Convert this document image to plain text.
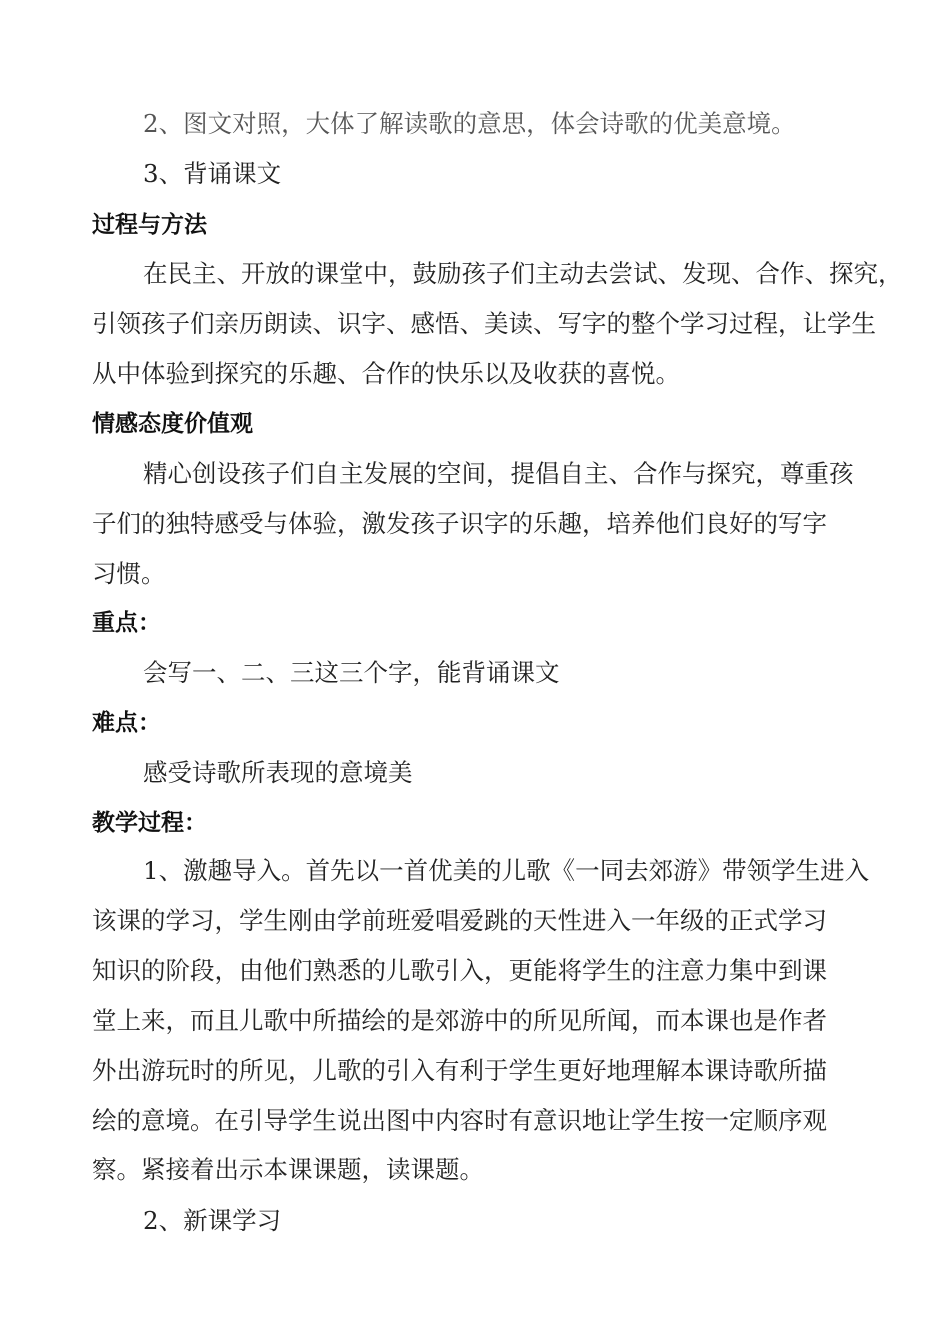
2、图文对照，大体了解读歌的意思，体会诗歌的优美意境。
3、背诵课文
过程与方法
在民主、开放的课堂中，鼓励孩子们主动去尝试、发现、合作、探究，
引领孩子们亲历朗读、识字、感悟、美读、写字的整个学习过程，让学生
从中体验到探究的乐趣、合作的快乐以及收获的喜悦。
情感态度价值观
精心创设孩子们自主发展的空间，提倡自主、合作与探究，尊重孩
子们的独特感受与体验，激发孩子识字的乐趣，培养他们良好的写字
习惯。
重点：
会写一、二、三这三个字，能背诵课文
难点：
感受诗歌所表现的意境美
教学过程：
1、激趣导入。首先以一首优美的儿歌《一同去郊游》带领学生进入
该课的学习，学生刚由学前班爱唱爱跳的天性进入一年级的正式学习
知识的阶段，由他们熟悉的儿歌引入，更能将学生的注意力集中到课
堂上来，而且儿歌中所描绘的是郊游中的所见所闻，而本课也是作者
外出游玩时的所见，儿歌的引入有利于学生更好地理解本课诗歌所描
绘的意境。在引导学生说出图中内容时有意识地让学生按一定顺序观
察。紧接着出示本课课题，读课题。
2、新课学习
